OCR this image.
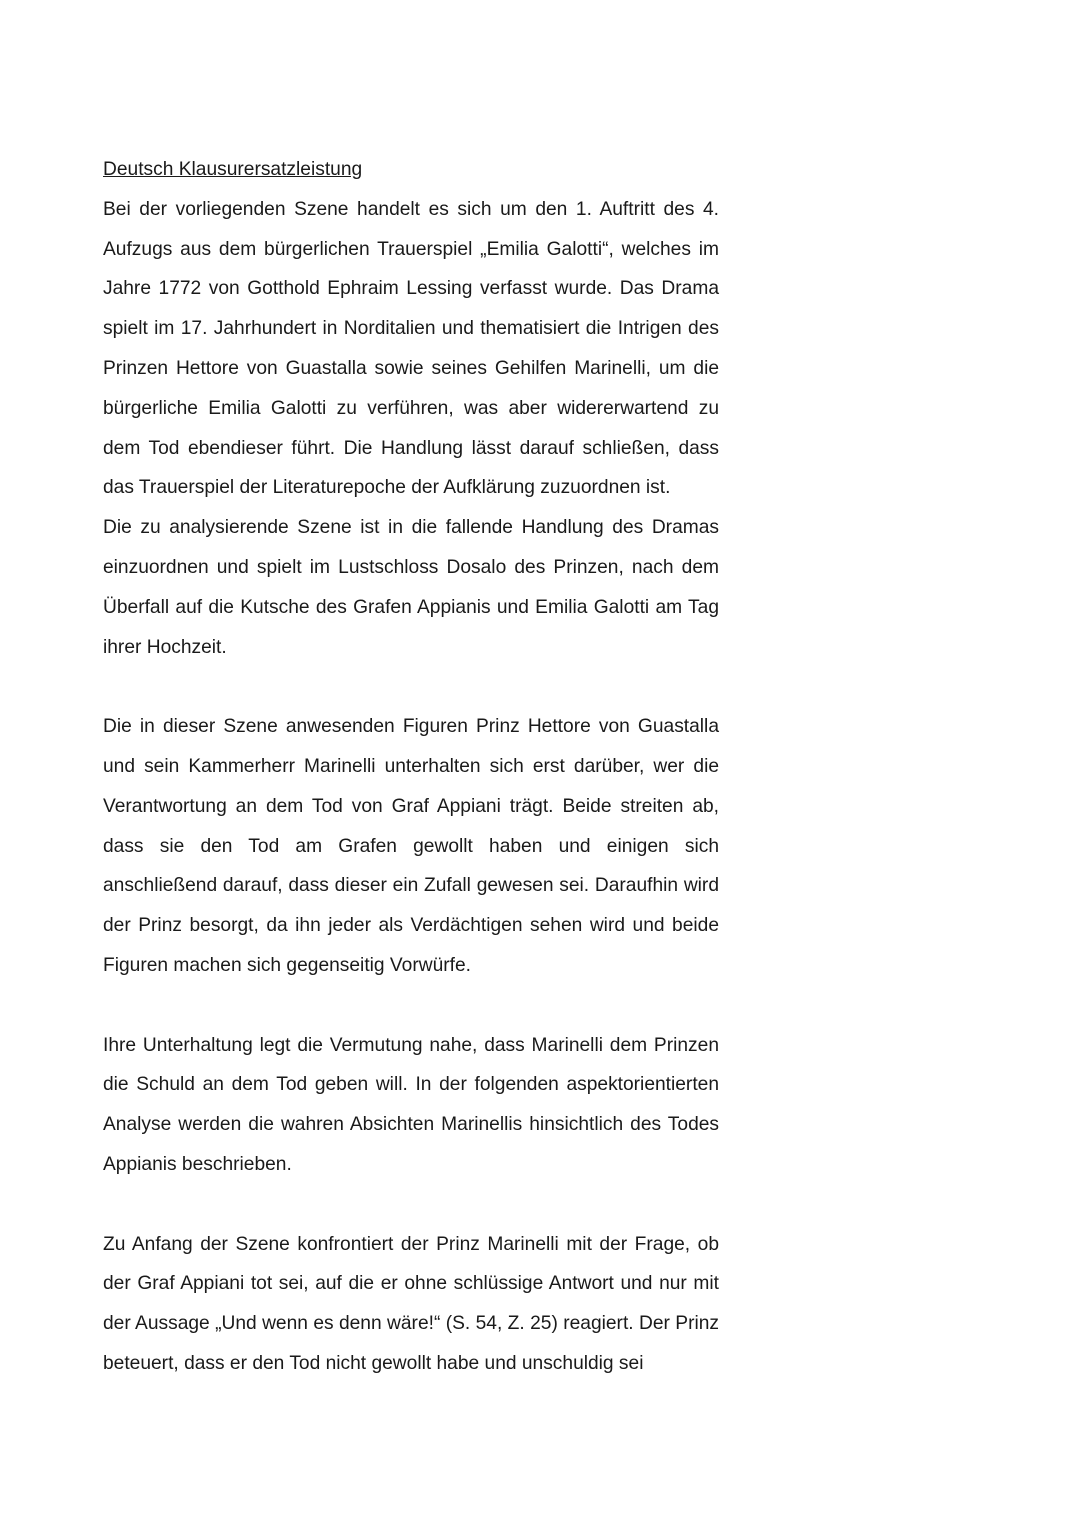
Deutsch Klausurersatzleistung

Bei der vorliegenden Szene handelt es sich um den 1. Auftritt des 4. Aufzugs aus dem bürgerlichen Trauerspiel „Emilia Galotti“, welches im Jahre 1772 von Gotthold Ephraim Lessing verfasst wurde. Das Drama spielt im 17. Jahrhundert in Norditalien und thematisiert die Intrigen des Prinzen Hettore von Guastalla sowie seines Gehilfen Marinelli, um die bürgerliche Emilia Galotti zu verführen, was aber widererwartend zu dem Tod ebendieser führt. Die Handlung lässt darauf schließen, dass das Trauerspiel der Literaturepoche der Aufklärung zuzuordnen ist.

Die zu analysierende Szene ist in die fallende Handlung des Dramas einzuordnen und spielt im Lustschloss Dosalo des Prinzen, nach dem Überfall auf die Kutsche des Grafen Appianis und Emilia Galotti am Tag ihrer Hochzeit.

Die in dieser Szene anwesenden Figuren Prinz Hettore von Guastalla und sein Kammerherr Marinelli unterhalten sich erst darüber, wer die Verantwortung an dem Tod von Graf Appiani trägt. Beide streiten ab, dass sie den Tod am Grafen gewollt haben und einigen sich anschließend darauf, dass dieser ein Zufall gewesen sei. Daraufhin wird der Prinz besorgt, da ihn jeder als Verdächtigen sehen wird und beide Figuren machen sich gegenseitig Vorwürfe.

Ihre Unterhaltung legt die Vermutung nahe, dass Marinelli dem Prinzen die Schuld an dem Tod geben will. In der folgenden aspektorientierten Analyse werden die wahren Absichten Marinellis hinsichtlich des Todes Appianis beschrieben.

Zu Anfang der Szene konfrontiert der Prinz Marinelli mit der Frage, ob der Graf Appiani tot sei, auf die er ohne schlüssige Antwort und nur mit der Aussage „Und wenn es denn wäre!“ (S. 54, Z. 25) reagiert. Der Prinz beteuert, dass er den Tod nicht gewollt habe und unschuldig sei
